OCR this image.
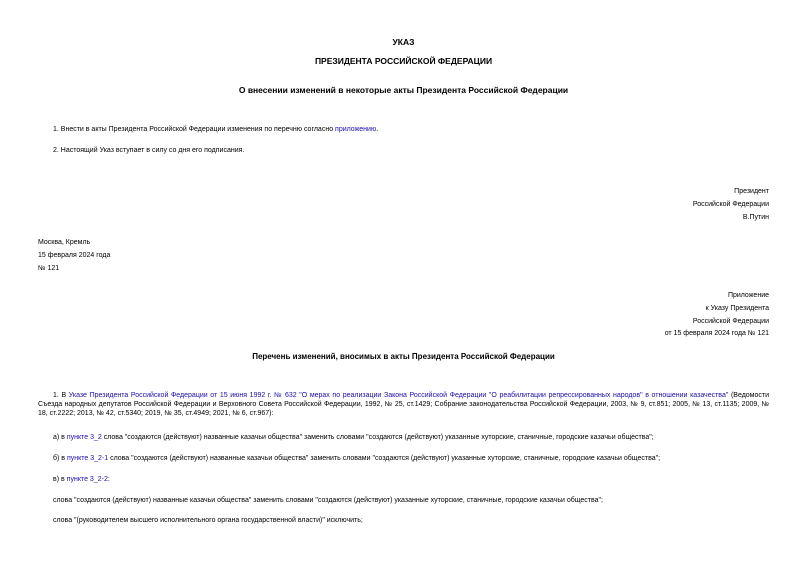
УКАЗ
ПРЕЗИДЕНТА РОССИЙСКОЙ ФЕДЕРАЦИИ
О внесении изменений в некоторые акты Президента Российской Федерации
1. Внести в акты Президента Российской Федерации изменения по перечню согласно приложению.
2. Настоящий Указ вступает в силу со дня его подписания.
Президент
Российской Федерации
В.Путин
Москва, Кремль
15 февраля 2024 года
№ 121
Приложение
к Указу Президента
Российской Федерации
от 15 февраля 2024 года № 121
Перечень изменений, вносимых в акты Президента Российской Федерации
1. В Указе Президента Российской Федерации от 15 июня 1992 г. № 632 "О мерах по реализации Закона Российской Федерации "О реабилитации репрессированных народов" в отношении казачества" (Ведомости Съезда народных депутатов Российской Федерации и Верховного Совета Российской Федерации, 1992, № 25, ст.1429; Собрание законодательства Российской Федерации, 2003, № 9, ст.851; 2005, № 13, ст.1135; 2009, № 18, ст.2222; 2013, № 42, ст.5340; 2019, № 35, ст.4949; 2021, № 6, ст.967):
а) в пункте 3_2 слова "создаются (действуют) названные казачьи общества" заменить словами "создаются (действуют) указанные хуторские, станичные, городские казачьи общества";
б) в пункте 3_2-1 слова "создаются (действуют) названные казачьи общества" заменить словами "создаются (действуют) указанные хуторские, станичные, городские казачьи общества";
в) в пункте 3_2-2:
слова "создаются (действуют) названные казачьи общества" заменить словами "создаются (действуют) указанные хуторские, станичные, городские казачьи общества";
слова "(руководителем высшего исполнительного органа государственной власти)" исключить;
